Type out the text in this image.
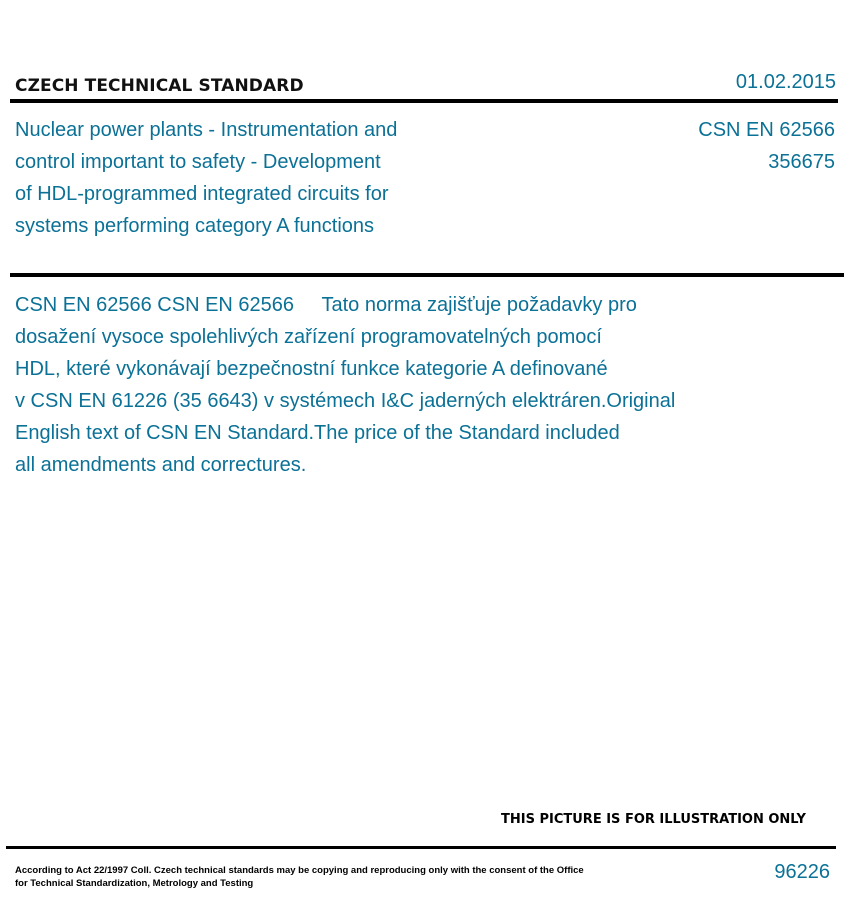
CZECH TECHNICAL STANDARD	01.02.2015
Nuclear power plants - Instrumentation and
control important to safety - Development
of HDL-programmed integrated circuits for
systems performing category A functions
CSN EN 62566
356675
CSN EN 62566 CSN EN 62566     Tato norma zajišťuje požadavky pro
dosažení vysoce spolehlivých zařízení programovatelných pomocí
HDL, které vykonávají bezpečnostní funkce kategorie A definované
v CSN EN 61226 (35 6643) v systémech I&C jaderných elektráren.Original
English text of CSN EN Standard.The price of the Standard included
all amendments and correctures.
THIS PICTURE IS FOR ILLUSTRATION ONLY
According to Act 22/1997 Coll. Czech technical standards may be copying and reproducing only with the consent of the Office
for Technical Standardization, Metrology and Testing
96226
